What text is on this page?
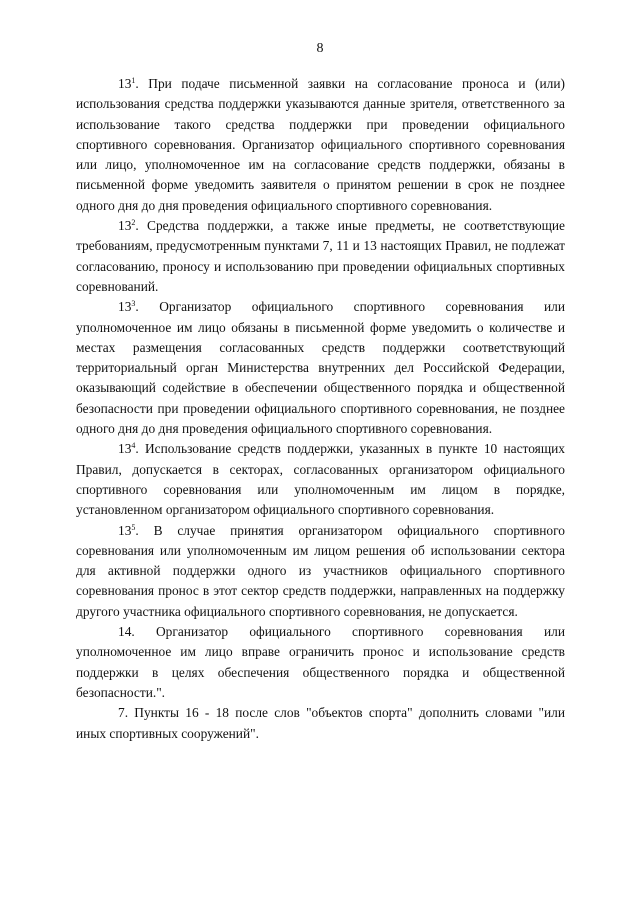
8

$13^1$. При подаче письменной заявки на согласование проноса и (или) использования средства поддержки указываются данные зрителя, ответственного за использование такого средства поддержки при проведении официального спортивного соревнования. Организатор официального спортивного соревнования или лицо, уполномоченное им на согласование средств поддержки, обязаны в письменной форме уведомить заявителя о принятом решении в срок не позднее одного дня до дня проведения официального спортивного соревнования.

$13^2$. Средства поддержки, а также иные предметы, не соответствующие требованиям, предусмотренным пунктами 7, 11 и 13 настоящих Правил, не подлежат согласованию, проносу и использованию при проведении официальных спортивных соревнований.

$13^3$. Организатор официального спортивного соревнования или уполномоченное им лицо обязаны в письменной форме уведомить о количестве и местах размещения согласованных средств поддержки соответствующий территориальный орган Министерства внутренних дел Российской Федерации, оказывающий содействие в обеспечении общественного порядка и общественной безопасности при проведении официального спортивного соревнования, не позднее одного дня до дня проведения официального спортивного соревнования.

$13^4$. Использование средств поддержки, указанных в пункте 10 настоящих Правил, допускается в секторах, согласованных организатором официального спортивного соревнования или уполномоченным им лицом в порядке, установленном организатором официального спортивного соревнования.

$13^5$. В случае принятия организатором официального спортивного соревнования или уполномоченным им лицом решения об использовании сектора для активной поддержки одного из участников официального спортивного соревнования пронос в этот сектор средств поддержки, направленных на поддержку другого участника официального спортивного соревнования, не допускается.

14. Организатор официального спортивного соревнования или уполномоченное им лицо вправе ограничить пронос и использование средств поддержки в целях обеспечения общественного порядка и общественной безопасности.".

7. Пункты 16 - 18 после слов "объектов спорта" дополнить словами "или иных спортивных сооружений".
